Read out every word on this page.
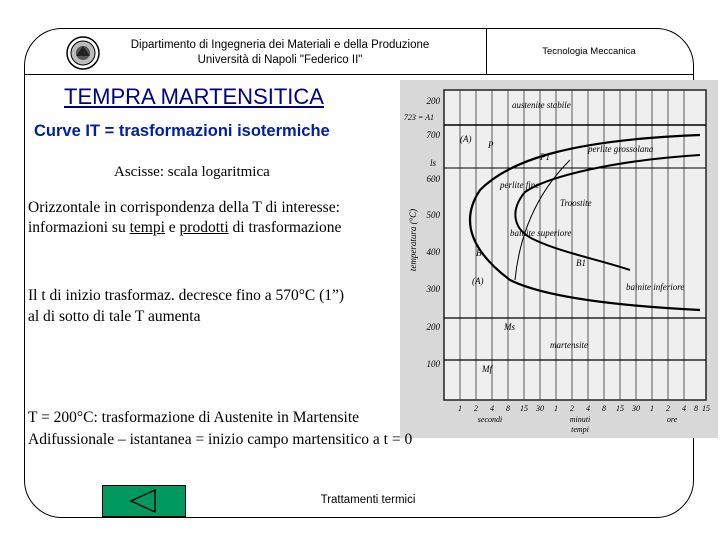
Dipartimento di Ingegneria dei Materiali e della Produzione
Università di Napoli "Federico II"
Tecnologia Meccanica
TEMPRA MARTENSITICA
Curve IT = trasformazioni isotermiche
200
700
600
500
400
300
200
100
723 = A1
temperatura (°C)
austenite stabile
perlite grossolana
perlite fine
Troostite
bainite superiore
bainite inferiore
martensite
(A)
(A)
ls
P
P1
B
B1
Ms
Mf
1 2 4 8 15 30 1 2 4 8 15 30 1 2 4 8 15
secondi	minuti	ore
tempi
Ascisse: scala logaritmica
Orizzontale in corrispondenza della T di interesse:
informazioni su tempi e prodotti di trasformazione
Il t di inizio trasformaz. decresce fino a 570°C (1”)
al di sotto di tale T aumenta
T = 200°C: trasformazione di Austenite in Martensite
Adifussionale – istantanea = inizio campo martensitico a t = 0
Trattamenti termici
